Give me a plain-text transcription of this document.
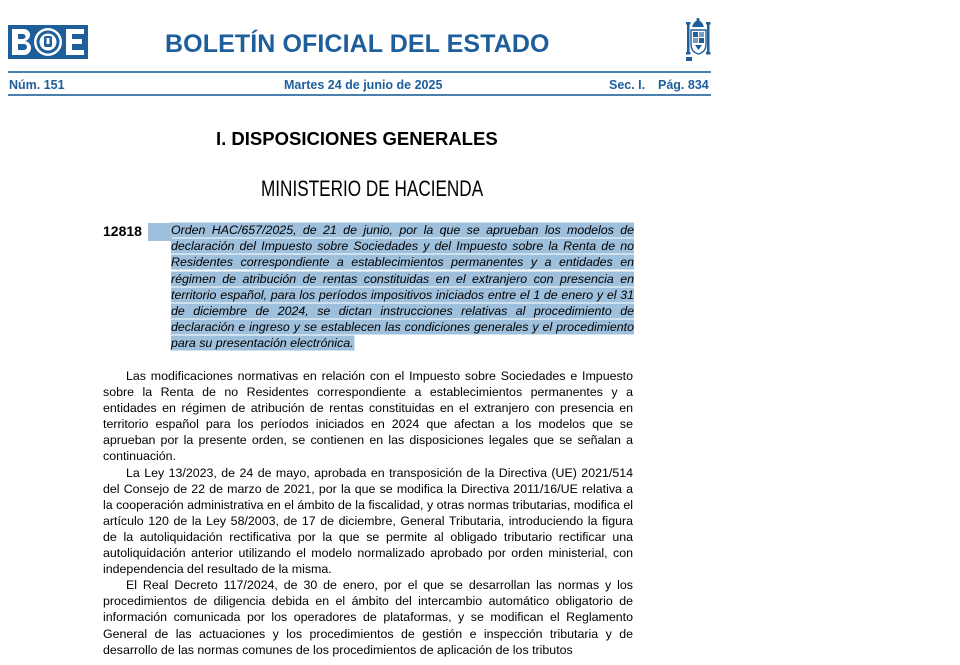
BOLETÍN OFICIAL DEL ESTADO
Núm. 151	Martes 24 de junio de 2025	Sec. I. Pág. 834
I. DISPOSICIONES GENERALES
MINISTERIO DE HACIENDA
12818 Orden HAC/657/2025, de 21 de junio, por la que se aprueban los modelos de declaración del Impuesto sobre Sociedades y del Impuesto sobre la Renta de no Residentes correspondiente a establecimientos permanentes y a entidades en régimen de atribución de rentas constituidas en el extranjero con presencia en territorio español, para los períodos impositivos iniciados entre el 1 de enero y el 31 de diciembre de 2024, se dictan instrucciones relativas al procedimiento de declaración e ingreso y se establecen las condiciones generales y el procedimiento para su presentación electrónica.

Las modificaciones normativas en relación con el Impuesto sobre Sociedades e Impuesto sobre la Renta de no Residentes correspondiente a establecimientos permanentes y a entidades en régimen de atribución de rentas constituidas en el extranjero con presencia en territorio español para los períodos iniciados en 2024 que afectan a los modelos que se aprueban por la presente orden, se contienen en las disposiciones legales que se señalan a continuación.

La Ley 13/2023, de 24 de mayo, aprobada en transposición de la Directiva (UE) 2021/514 del Consejo de 22 de marzo de 2021, por la que se modifica la Directiva 2011/16/UE relativa a la cooperación administrativa en el ámbito de la fiscalidad, y otras normas tributarias, modifica el artículo 120 de la Ley 58/2003, de 17 de diciembre, General Tributaria, introduciendo la figura de la autoliquidación rectificativa por la que se permite al obligado tributario rectificar una autoliquidación anterior utilizando el modelo normalizado aprobado por orden ministerial, con independencia del resultado de la misma.

El Real Decreto 117/2024, de 30 de enero, por el que se desarrollan las normas y los procedimientos de diligencia debida en el ámbito del intercambio automático obligatorio de información comunicada por los operadores de plataformas, y se modifican el Reglamento General de las actuaciones y los procedimientos de gestión e inspección tributaria y de desarrollo de las normas comunes de los procedimientos de aplicación de los tributos
